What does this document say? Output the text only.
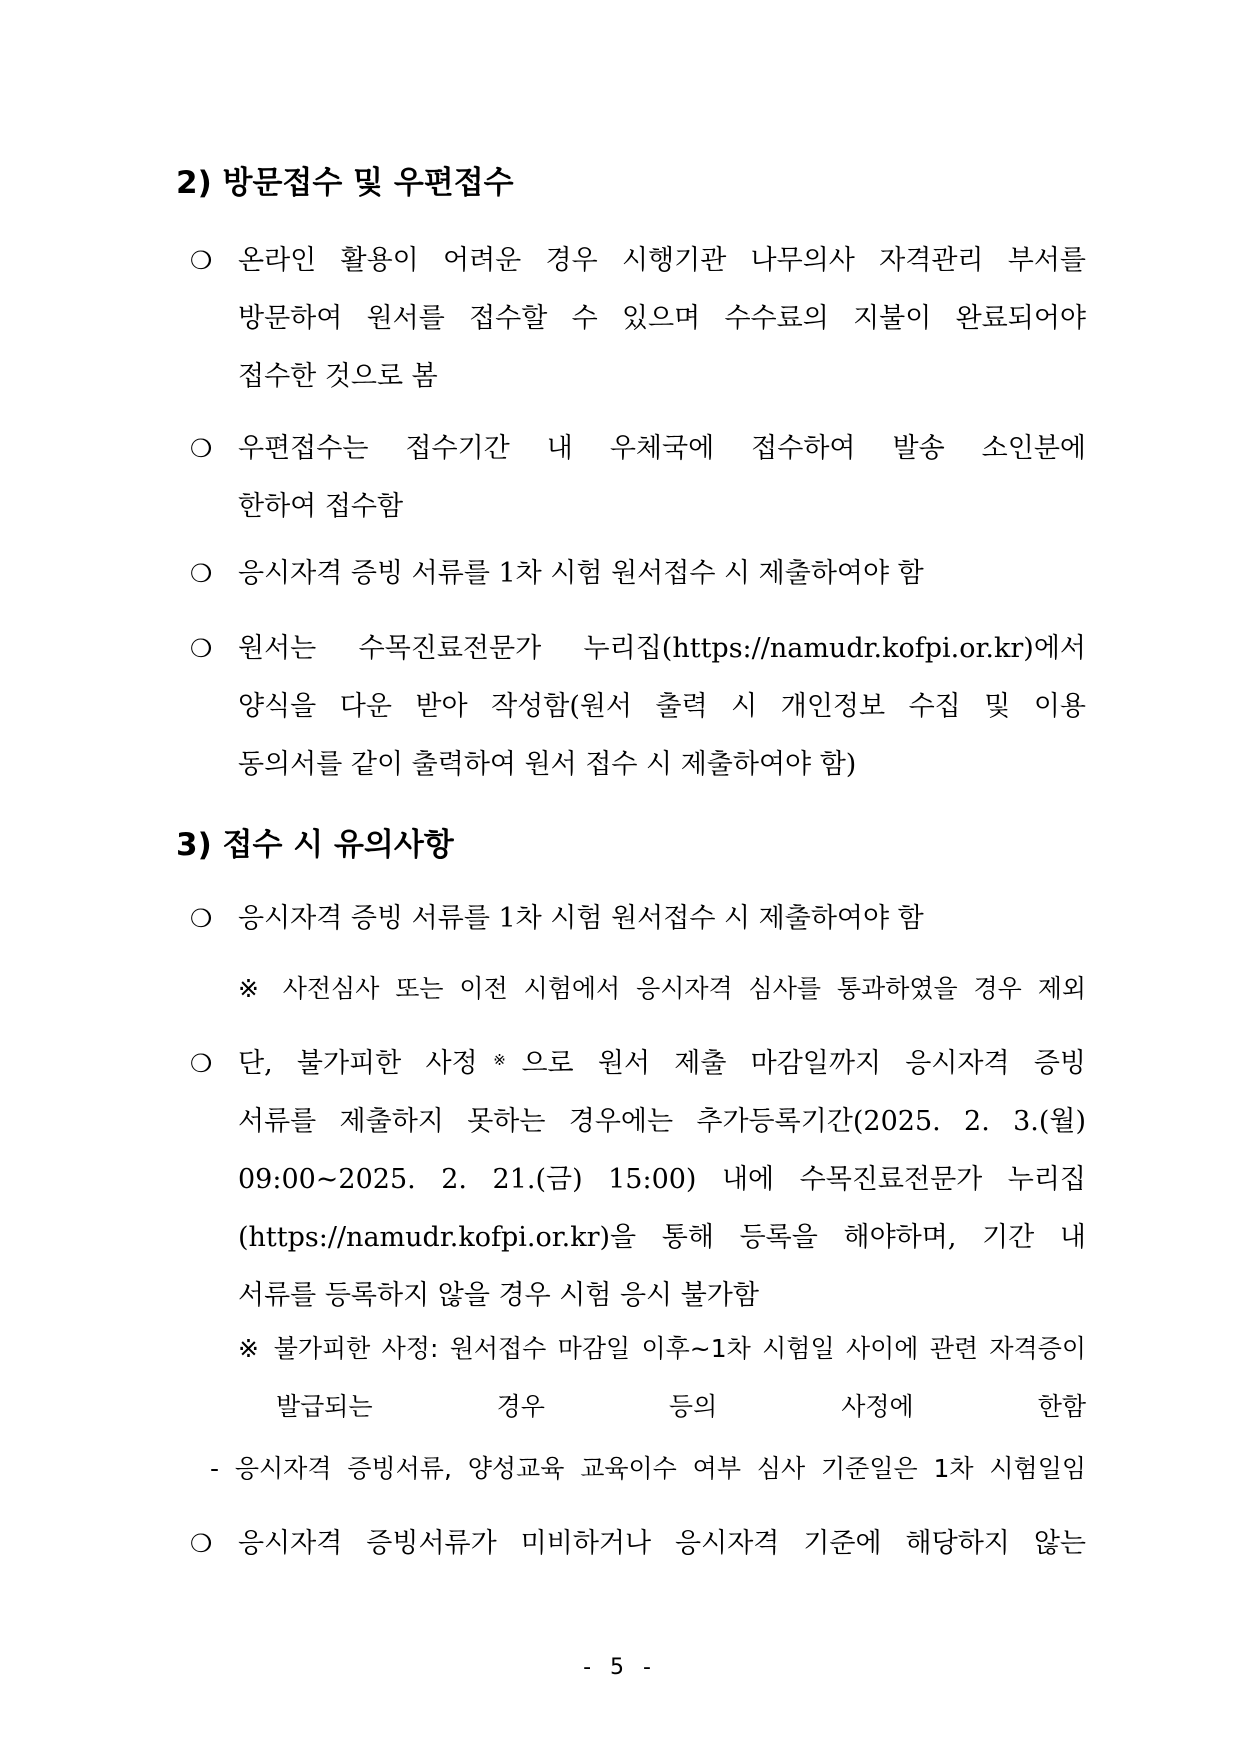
2) 방문접수 및 우편접수
❍ 온라인 활용이 어려운 경우 시행기관 나무의사 자격관리 부서를
방문하여 원서를 접수할 수 있으며 수수료의 지불이 완료되어야
접수한 것으로 봄
❍ 우편접수는 접수기간 내 우체국에 접수하여 발송 소인분에
한하여 접수함
❍ 응시자격 증빙 서류를 1차 시험 원서접수 시 제출하여야 함
❍ 원서는 수목진료전문가 누리집(https://namudr.kofpi.or.kr)에서
양식을 다운 받아 작성함(원서 출력 시 개인정보 수집 및 이용
동의서를 같이 출력하여 원서 접수 시 제출하여야 함)
3) 접수 시 유의사항
❍ 응시자격 증빙 서류를 1차 시험 원서접수 시 제출하여야 함
※ 사전심사 또는 이전 시험에서 응시자격 심사를 통과하였을 경우 제외
❍ 단, 불가피한 사정※으로 원서 제출 마감일까지 응시자격 증빙
서류를 제출하지 못하는 경우에는 추가등록기간(2025. 2. 3.(월)
09:00~2025. 2. 21.(금) 15:00) 내에 수목진료전문가 누리집
(https://namudr.kofpi.or.kr)을 통해 등록을 해야하며, 기간 내
서류를 등록하지 않을 경우 시험 응시 불가함
※ 불가피한 사정: 원서접수 마감일 이후~1차 시험일 사이에 관련 자격증이
발급되는 경우 등의 사정에 한함
- 응시자격 증빙서류, 양성교육 교육이수 여부 심사 기준일은 1차 시험일임
❍ 응시자격 증빙서류가 미비하거나 응시자격 기준에 해당하지 않는
- 5 -
